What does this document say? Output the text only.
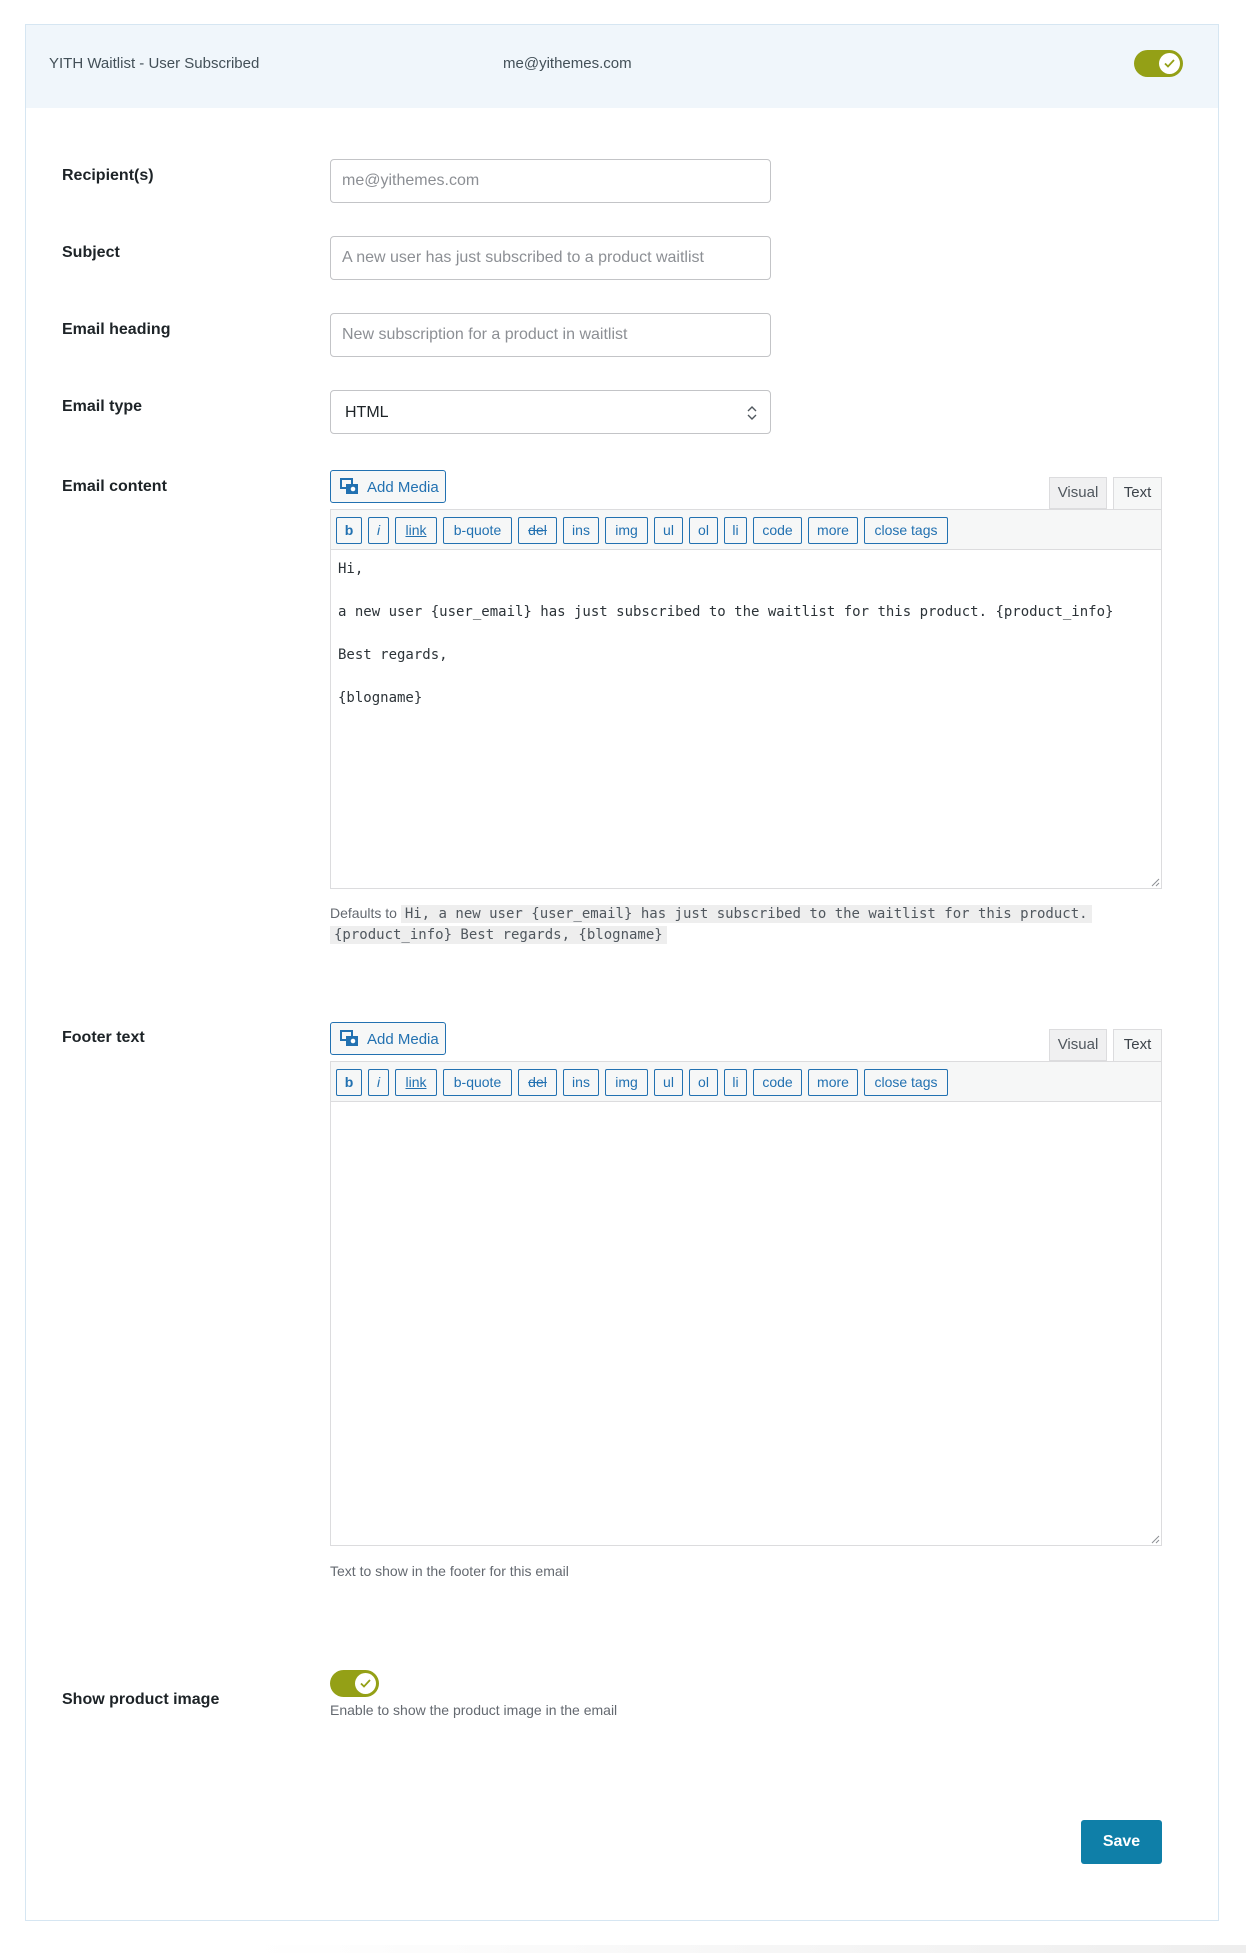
YITH Waitlist - User Subscribed	me@yithemes.com
Recipient(s)
me@yithemes.com
Subject
A new user has just subscribed to a product waitlist
Email heading
New subscription for a product in waitlist
Email type	HTML
Email content	Add Media	Visual	Text
b	i	link	b-quote	del	ins	img	ul	ol	li	code	more	close tags
Hi,

a new user {user_email} has just subscribed to the waitlist for this product. {product_info}

Best regards,

{blogname}
Defaults to Hi, a new user {user_email} has just subscribed to the waitlist for this product.
{product_info} Best regards, {blogname}
Footer text	Add Media	Visual	Text
b	i	link	b-quote	del	ins	img	ul	ol	li	code	more	close tags
Text to show in the footer for this email
Show product image
Enable to show the product image in the email
Save
